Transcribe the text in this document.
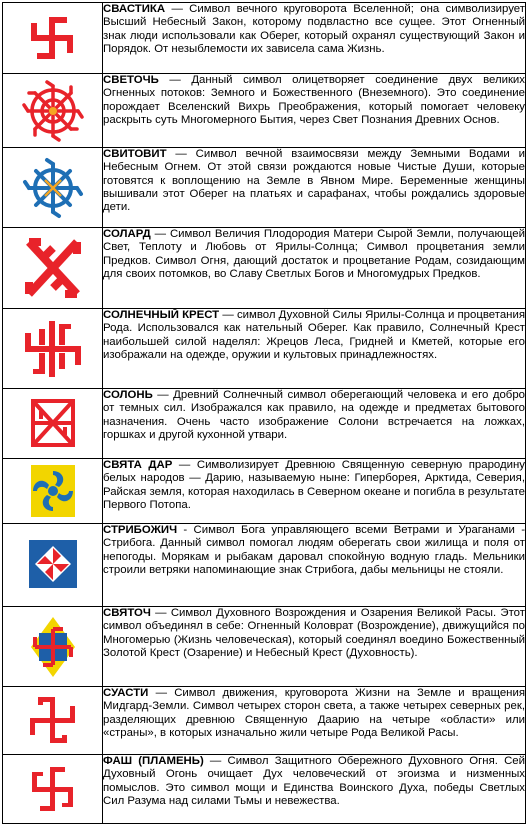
	СВАСТИКА — Символ вечного круговорота Вселенной; она символизирует Высший Небесный Закон, которому подвластно все сущее. Этот Огненный знак люди использовали как Оберег, который охранял существующий Закон и Порядок. От незыблемости их зависела сама Жизнь.

	СВЕТОЧЬ — Данный символ олицетворяет соединение двух великих Огненных потоков: Земного и Божественного (Внеземного). Это соединение порождает Вселенский Вихрь Преображения, который помогает человеку раскрыть суть Многомерного Бытия, через Свет Познания Древних Основ.

	СВИТОВИТ — Символ вечной взаимосвязи между Земными Водами и Небесным Огнем. От этой связи рождаются новые Чистые Души, которые готовятся к воплощению на Земле в Явном Мире. Беременные женщины вышивали этот Оберег на платьях и сарафанах, чтобы рождались здоровые дети.

	СОЛАРД — Символ Величия Плодородия Матери Сырой Земли, получающей Свет, Теплоту и Любовь от Ярилы-Солнца; Символ процветания земли Предков. Символ Огня, дающий достаток и процветание Родам, созидающим для своих потомков, во Славу Светлых Богов и Многомудрых Предков.

	СОЛНЕЧНЫЙ КРЕСТ — символ Духовной Силы Ярилы-Солнца и процветания Рода. Использовался как нательный Оберег. Как правило, Солнечный Крест наибольшей силой наделял: Жрецов Леса, Гридней и Кметей, которые его изображали на одежде, оружии и культовых принадлежностях.

	СОЛОНЬ — Древний Солнечный символ оберегающий человека и его добро от темных сил. Изображался как правило, на одежде и предметах бытового назначения. Очень часто изображение Солони встречается на ложках, горшках и другой кухонной утвари.

	СВЯТА ДАР — Символизирует Древнюю Священную северную прародину белых народов — Дарию, называемую ныне: Гиперборея, Арктида, Северия, Райская земля, которая находилась в Северном океане и погибла в результате Первого Потопа.

	СТРИБОЖИЧ - Символ Бога управляющего всеми Ветрами и Ураганами - Стрибога. Данный символ помогал людям оберегать свои жилища и поля от непогоды. Морякам и рыбакам даровал спокойную водную гладь. Мельники строили ветряки напоминающие знак Стрибога, дабы мельницы не стояли.

	СВЯТОЧ — Символ Духовного Возрождения и Озарения Великой Расы. Этот символ объединял в себе: Огненный Коловрат (Возрождение), движущийся по Многомерью (Жизнь человеческая), который соединял воедино Божественный Золотой Крест (Озарение) и Небесный Крест (Духовность).

	СУАСТИ — Символ движения, круговорота Жизни на Земле и вращения Мидгард-Земли. Символ четырех сторон света, а также четырех северных рек, разделяющих древнюю Священную Даарию на четыре «области» или «страны», в которых изначально жили четыре Рода Великой Расы.

	ФАШ (ПЛАМЕНЬ) — Символ Защитного Обережного Духовного Огня. Сей Духовный Огонь очищает Дух человеческий от эгоизма и низменных помыслов. Это символ мощи и Единства Воинского Духа, победы Светлых Сил Разума над силами Тьмы и невежества.
